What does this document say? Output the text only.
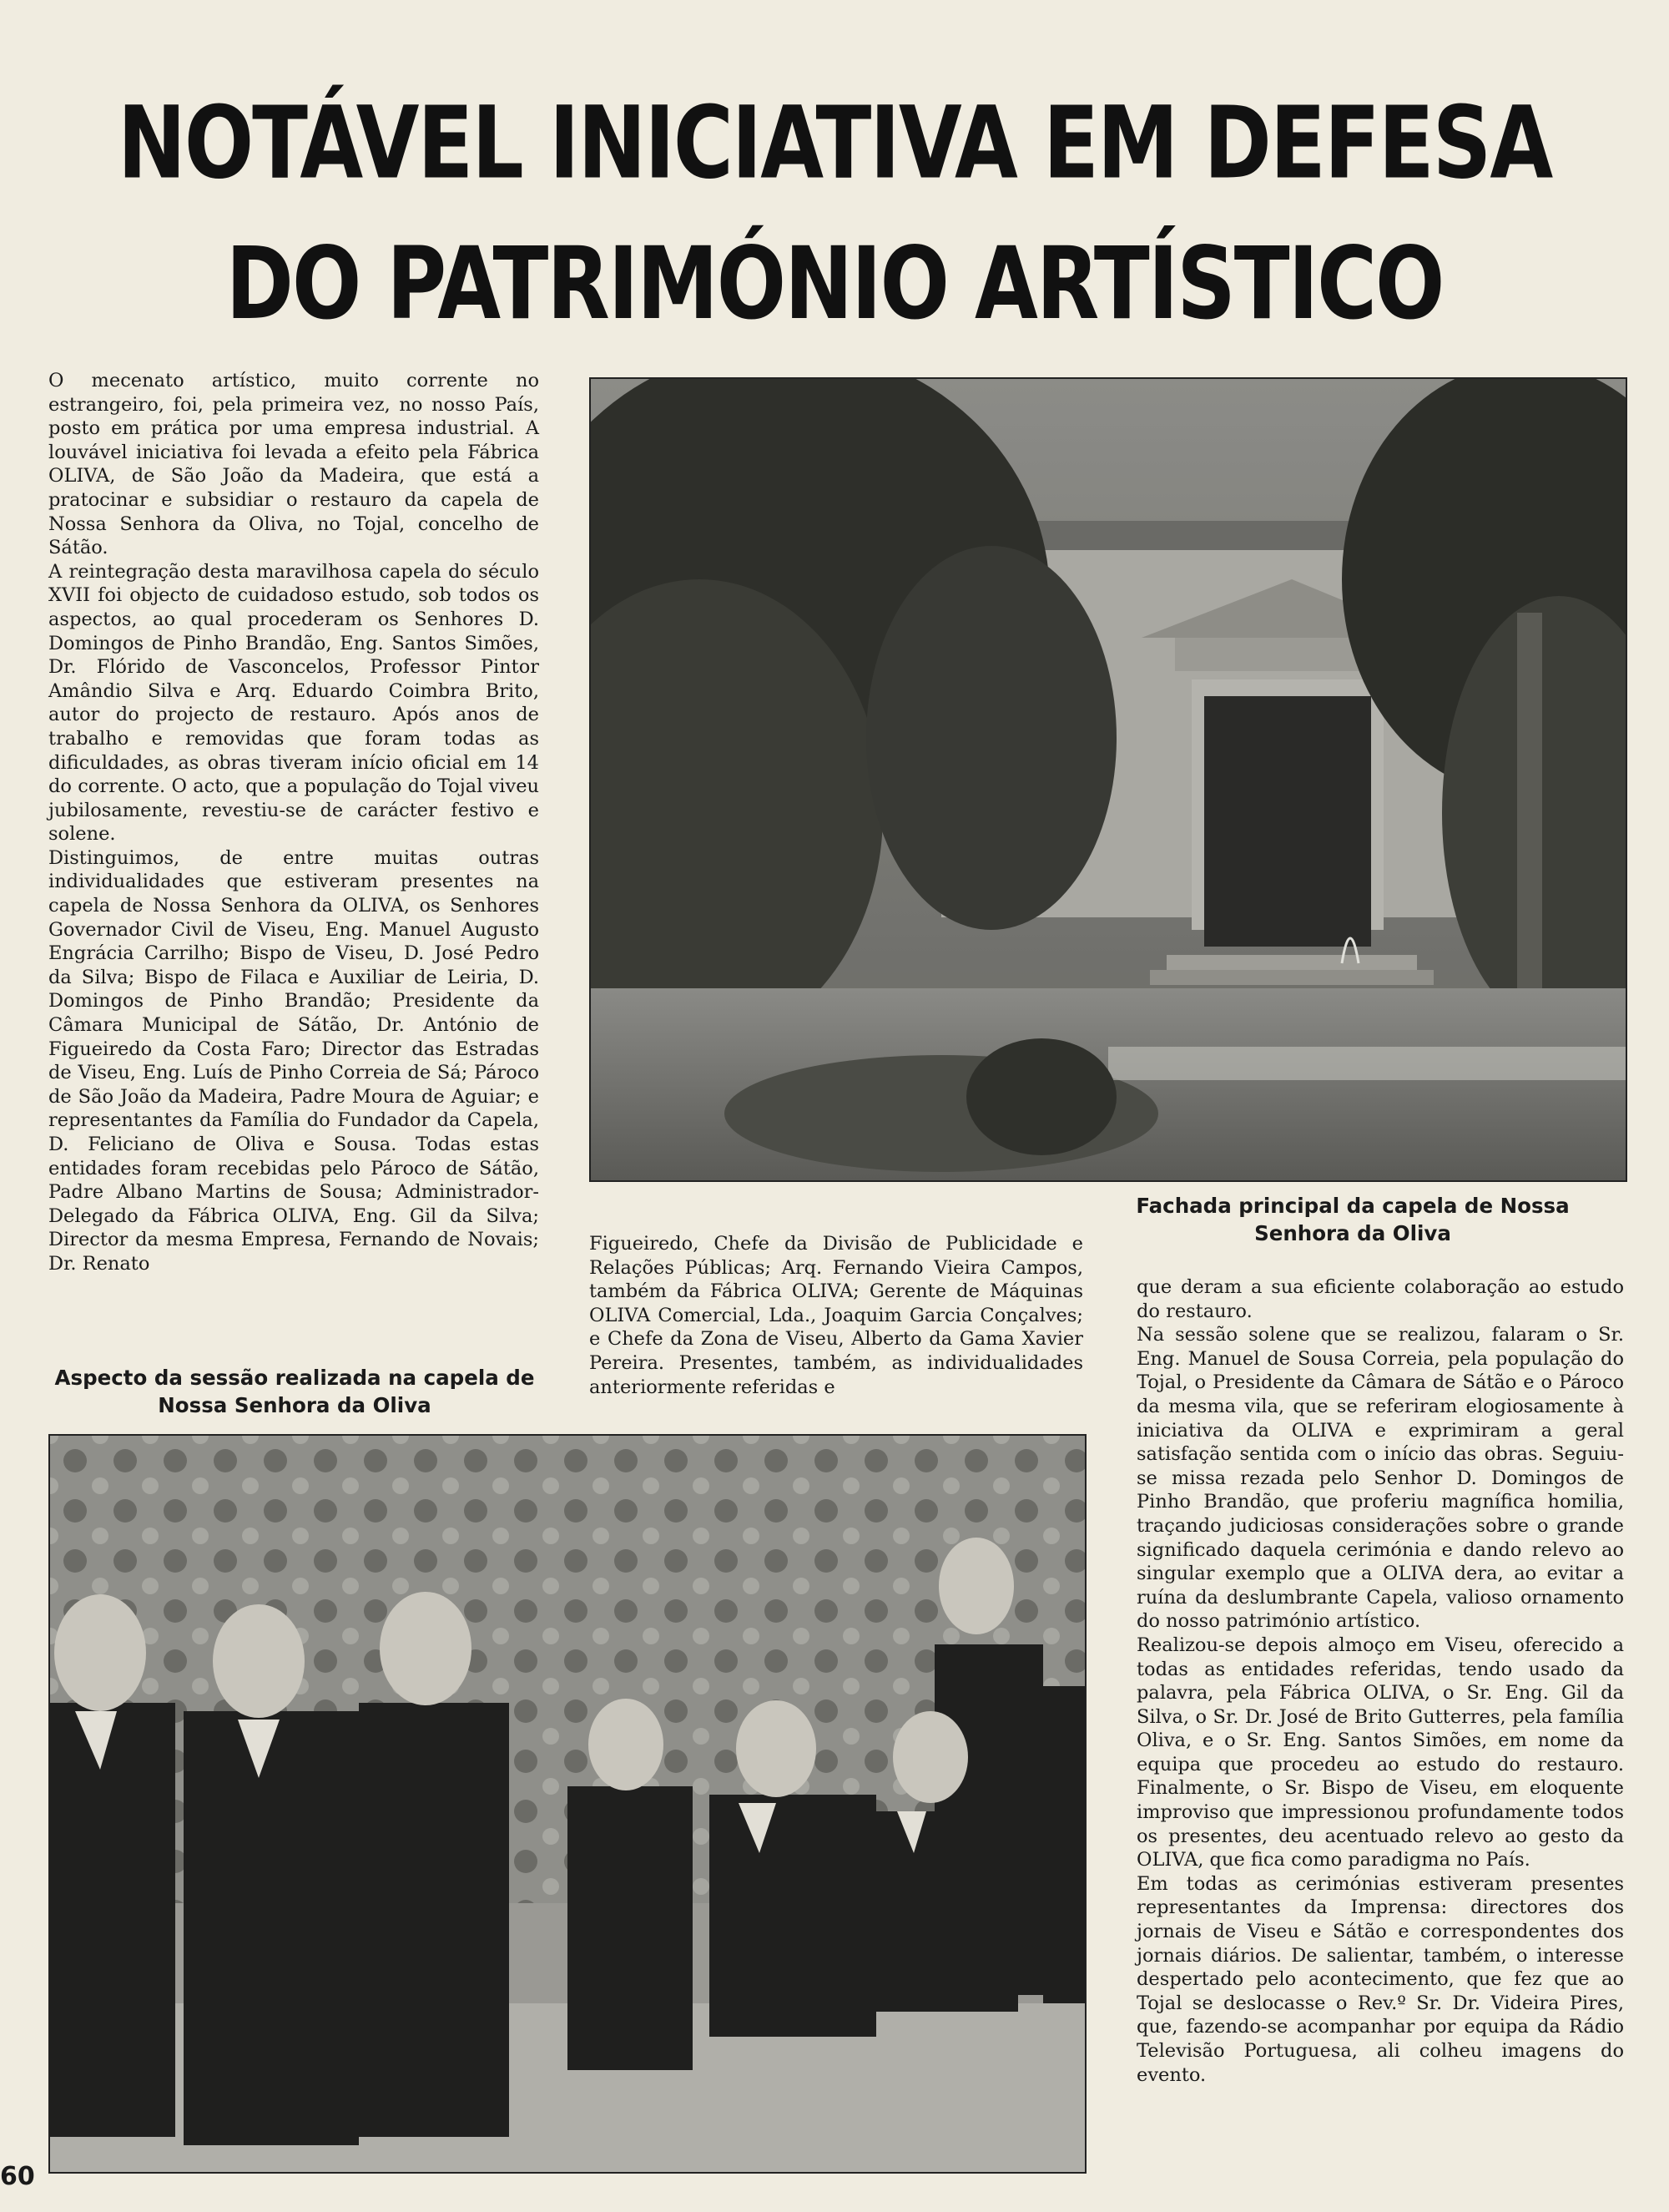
NOTÁVEL INICIATIVA EM DEFESA
DO PATRIMÓNIO ARTÍSTICO

O mecenato artístico, muito corrente no estrangeiro, foi, pela primeira vez, no nosso País, posto em prática por uma empresa industrial. A louvável iniciativa foi levada a efeito pela Fábrica OLIVA, de São João da Madeira, que está a pratocinar e subsidiar o restauro da capela de Nossa Senhora da Oliva, no Tojal, concelho de Sátão.

A reintegração desta maravilhosa capela do século XVII foi objecto de cuidadoso estudo, sob todos os aspectos, ao qual procederam os Senhores D. Domingos de Pinho Brandão, Eng. Santos Simões, Dr. Flórido de Vasconcelos, Professor Pintor Amândio Silva e Arq. Eduardo Coimbra Brito, autor do projecto de restauro. Após anos de trabalho e removidas que foram todas as dificuldades, as obras tiveram início oficial em 14 do corrente. O acto, que a população do Tojal viveu jubilosamente, revestiu-se de carácter festivo e solene.

Distinguimos, de entre muitas outras individualidades que estiveram presentes na capela de Nossa Senhora da OLIVA, os Senhores Governador Civil de Viseu, Eng. Manuel Augusto Engrácia Carrilho; Bispo de Viseu, D. José Pedro da Silva; Bispo de Filaca e Auxiliar de Leiria, D. Domingos de Pinho Brandão; Presidente da Câmara Municipal de Sátão, Dr. António de Figueiredo da Costa Faro; Director das Estradas de Viseu, Eng. Luís de Pinho Correia de Sá; Pároco de São João da Madeira, Padre Moura de Aguiar; e representantes da Família do Fundador da Capela, D. Feliciano de Oliva e Sousa. Todas estas entidades foram recebidas pelo Pároco de Sátão, Padre Albano Martins de Sousa; Administrador-Delegado da Fábrica OLIVA, Eng. Gil da Silva; Director da mesma Empresa, Fernando de Novais; Dr. Renato

Fachada principal da capela de Nossa Senhora da Oliva

Figueiredo, Chefe da Divisão de Publicidade e Relações Públicas; Arq. Fernando Vieira Campos, também da Fábrica OLIVA; Gerente de Máquinas OLIVA Comercial, Lda., Joaquim Garcia Conçalves; e Chefe da Zona de Viseu, Alberto da Gama Xavier Pereira. Presentes, também, as individualidades anteriormente referidas e

que deram a sua eficiente colaboração ao estudo do restauro.

Na sessão solene que se realizou, falaram o Sr. Eng. Manuel de Sousa Correia, pela população do Tojal, o Presidente da Câmara de Sátão e o Pároco da mesma vila, que se referiram elogiosamente à iniciativa da OLIVA e exprimiram a geral satisfação sentida com o início das obras. Seguiu-se missa rezada pelo Senhor D. Domingos de Pinho Brandão, que proferiu magnífica homilia, traçando judiciosas considerações sobre o grande significado daquela cerimónia e dando relevo ao singular exemplo que a OLIVA dera, ao evitar a ruína da deslumbrante Capela, valioso ornamento do nosso património artístico.

Realizou-se depois almoço em Viseu, oferecido a todas as entidades referidas, tendo usado da palavra, pela Fábrica OLIVA, o Sr. Eng. Gil da Silva, o Sr. Dr. José de Brito Gutterres, pela família Oliva, e o Sr. Eng. Santos Simões, em nome da equipa que procedeu ao estudo do restauro. Finalmente, o Sr. Bispo de Viseu, em eloquente improviso que impressionou profundamente todos os presentes, deu acentuado relevo ao gesto da OLIVA, que fica como paradigma no País.

Em todas as cerimónias estiveram presentes representantes da Imprensa: directores dos jornais de Viseu e Sátão e correspondentes dos jornais diários. De salientar, também, o interesse despertado pelo acontecimento, que fez que ao Tojal se deslocasse o Rev.º Sr. Dr. Videira Pires, que, fazendo-se acompanhar por equipa da Rádio Televisão Portuguesa, ali colheu imagens do evento.

Aspecto da sessão realizada na capela de Nossa Senhora da Oliva
60
